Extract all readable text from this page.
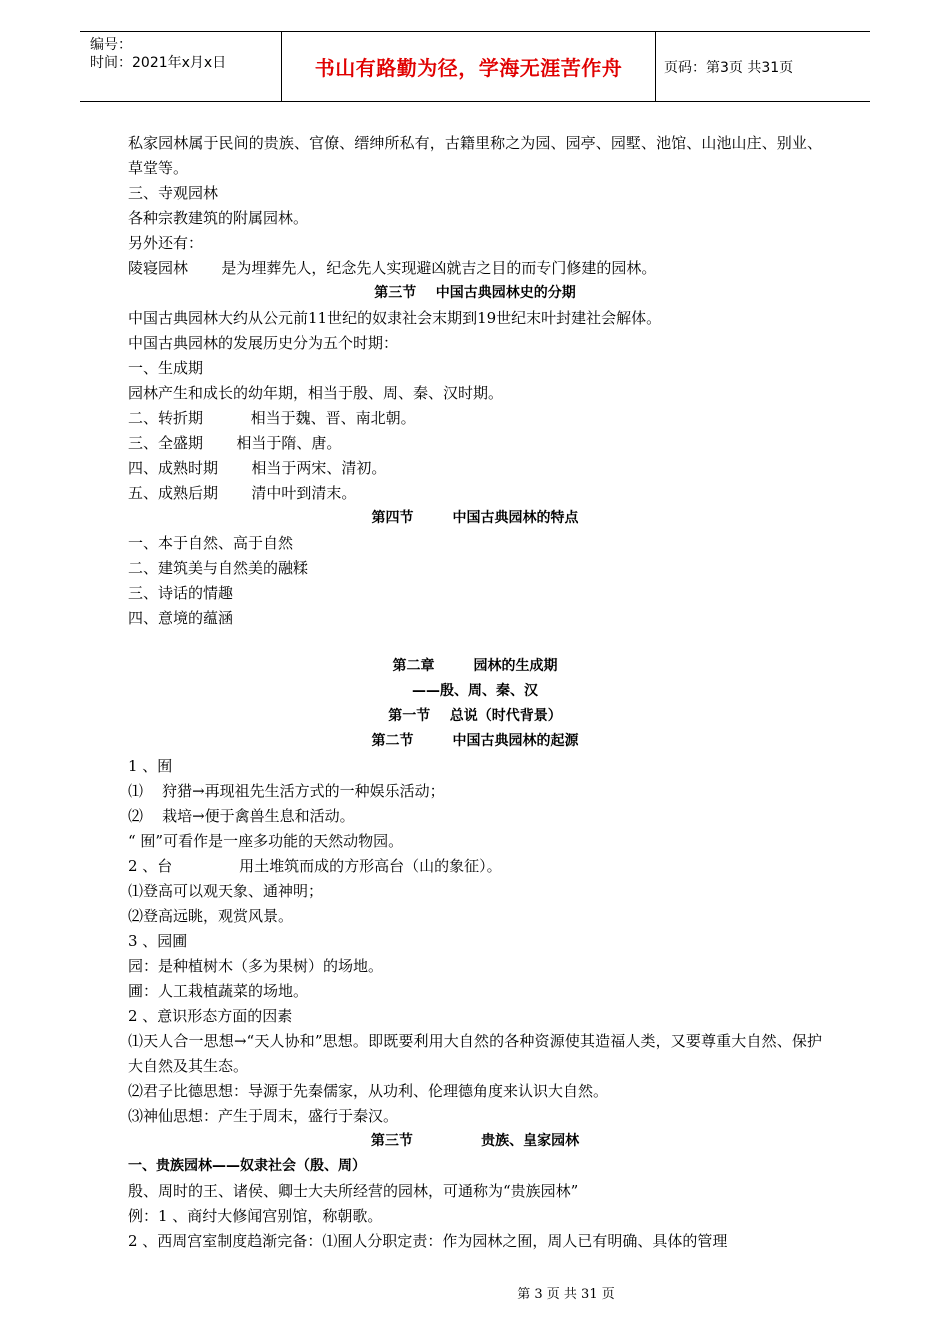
编号：
时间：2021年x月x日	书山有路勤为径，学海无涯苦作舟	页码：第3页 共31页
私家园林属于民间的贵族、官僚、缙绅所私有，古籍里称之为园、园亭、园墅、池馆、山池山庄、别业、草堂等。
三、寺观园林
各种宗教建筑的附属园林。
另外还有：
陵寝园林       是为埋葬先人，纪念先人实现避凶就吉之目的而专门修建的园林。
第三节    中国古典园林史的分期
中国古典园林大约从公元前11世纪的奴隶社会末期到19世纪末叶封建社会解体。
中国古典园林的发展历史分为五个时期：
一、生成期
园林产生和成长的幼年期，相当于殷、周、秦、汉时期。
二、转折期          相当于魏、晋、南北朝。
三、全盛期       相当于隋、唐。
四、成熟时期       相当于两宋、清初。
五、成熟后期       清中叶到清末。
第四节        中国古典园林的特点
一、本于自然、高于自然
二、建筑美与自然美的融糅
三、诗话的情趣
四、意境的蕴涵
第二章        园林的生成期
——殷、周、秦、汉
第一节    总说（时代背景）
第二节        中国古典园林的起源
1 、囿
⑴    狩猎→再现祖先生活方式的一种娱乐活动；
⑵    栽培→便于禽兽生息和活动。
“ 囿”可看作是一座多功能的天然动物园。
2 、台              用土堆筑而成的方形高台（山的象征）。
⑴登高可以观天象、通神明；
⑵登高远眺，观赏风景。
3 、园圃
园：是种植树木（多为果树）的场地。
圃：人工栽植蔬菜的场地。
2 、意识形态方面的因素
⑴天人合一思想→“天人协和”思想。即既要利用大自然的各种资源使其造福人类，又要尊重大自然、保护大自然及其生态。
⑵君子比德思想：导源于先秦儒家，从功利、伦理德角度来认识大自然。
⑶神仙思想：产生于周末，盛行于秦汉。
第三节              贵族、皇家园林
一、贵族园林——奴隶社会（殷、周）
殷、周时的王、诸侯、卿士大夫所经营的园林，可通称为“贵族园林”
例：1 、商纣大修闻宫别馆，称朝歌。
2 、西周宫室制度趋渐完备：⑴囿人分职定责：作为园林之囿，周人已有明确、具体的管理
第 3 页 共 31 页
